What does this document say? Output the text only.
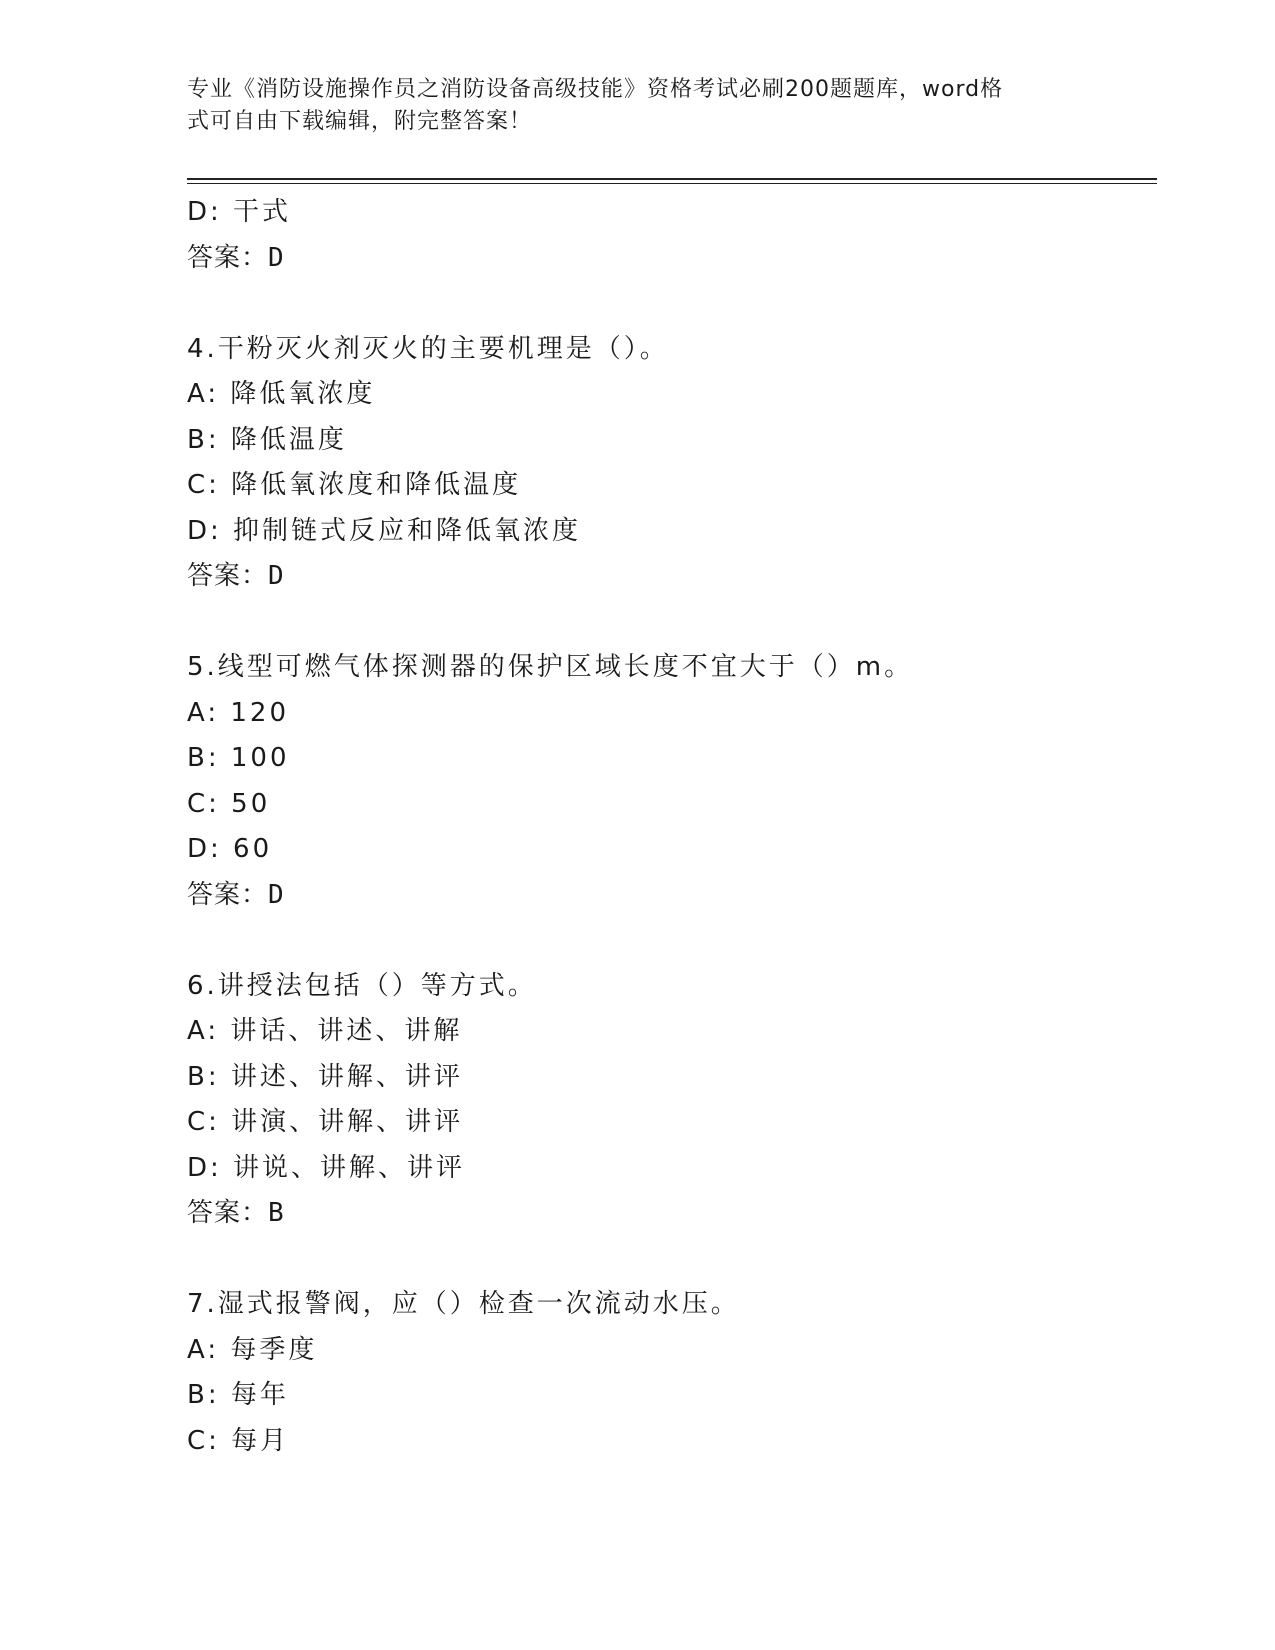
专业《消防设施操作员之消防设备高级技能》资格考试必刷200题题库，word格
式可自由下载编辑，附完整答案！
D: 干式
答案：D
4.干粉灭火剂灭火的主要机理是（）。
A: 降低氧浓度
B: 降低温度
C: 降低氧浓度和降低温度
D: 抑制链式反应和降低氧浓度
答案：D
5.线型可燃气体探测器的保护区域长度不宜大于（）m。
A: 120
B: 100
C: 50
D: 60
答案：D
6.讲授法包括（）等方式。
A: 讲话、讲述、讲解
B: 讲述、讲解、讲评
C: 讲演、讲解、讲评
D: 讲说、讲解、讲评
答案：B
7.湿式报警阀，应（）检查一次流动水压。
A: 每季度
B: 每年
C: 每月
